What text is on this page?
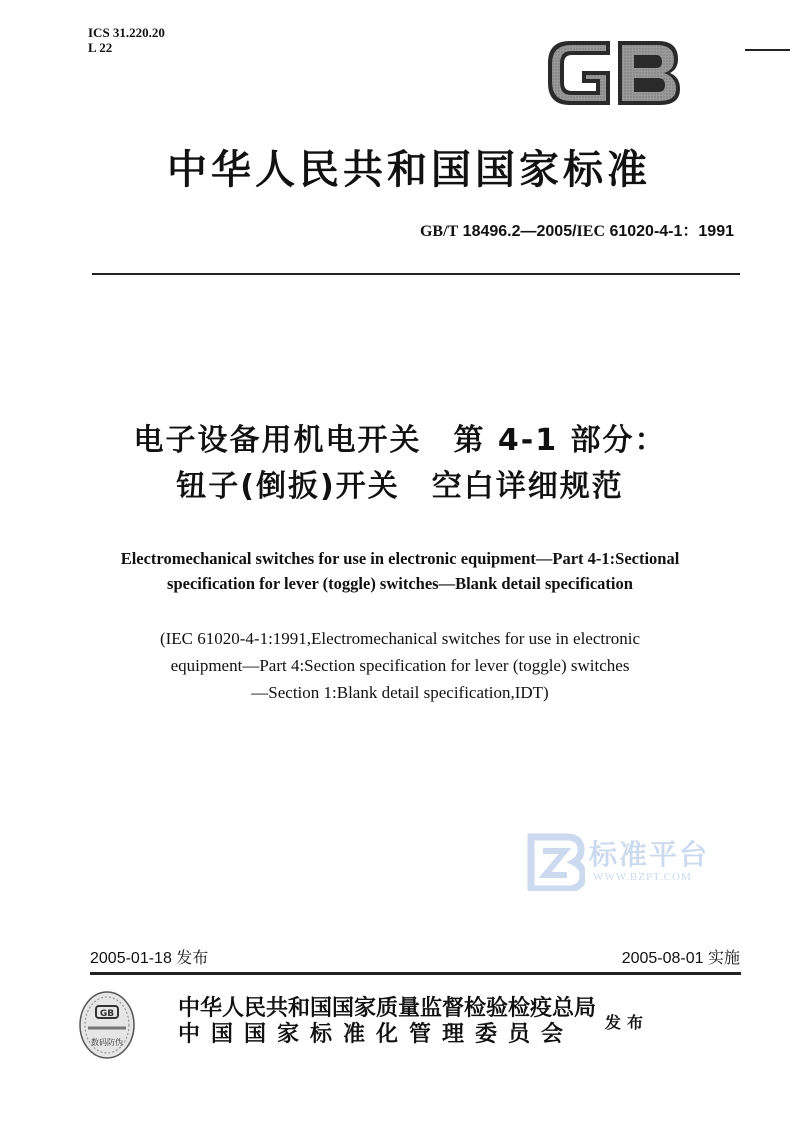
ICS 31.220.20
L 22
中华人民共和国国家标准
GB/T 18496.2—2005/IEC 61020-4-1：1991
电子设备用机电开关　第 4-1 部分：
钮子(倒扳)开关　空白详细规范
Electromechanical switches for use in electronic equipment—Part 4-1:Sectional
specification for lever (toggle) switches—Blank detail specification
(IEC 61020-4-1:1991,Electromechanical switches for use in electronic
equipment—Part 4:Section specification for lever (toggle) switches
—Section 1:Blank detail specification,IDT)
标准平台
WWW.BZPT.COM
2005-01-18 发布	2005-08-01 实施
GB
数码防伪
中华人民共和国国家质量监督检验检疫总局
中国国家标准化管理委员会 发布
